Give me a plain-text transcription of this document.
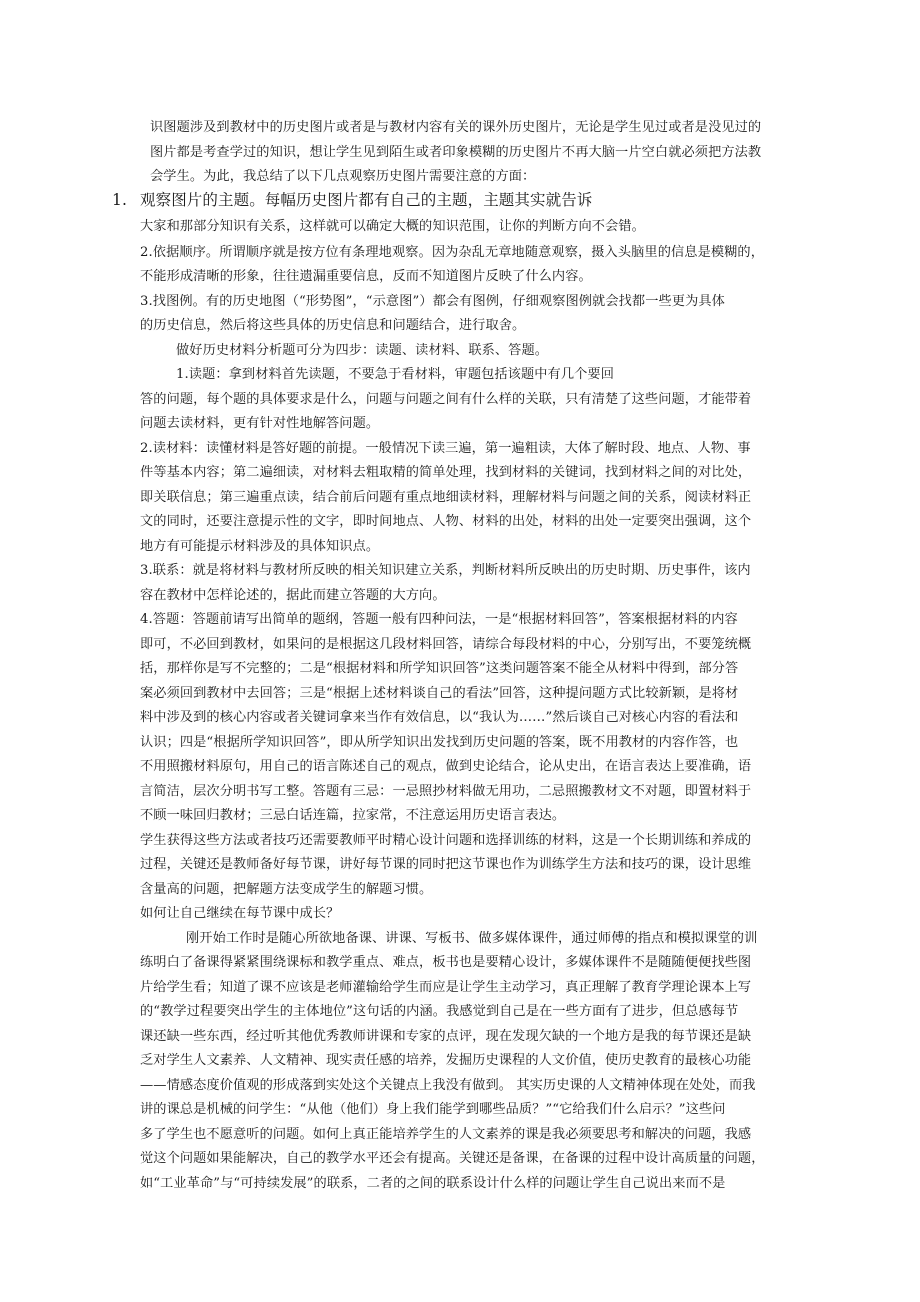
识图题涉及到教材中的历史图片或者是与教材内容有关的课外历史图片，无论是学生见过或者是没见过的
图片都是考查学过的知识，想让学生见到陌生或者印象模糊的历史图片不再大脑一片空白就必须把方法教
会学生。为此，我总结了以下几点观察历史图片需要注意的方面：
1. 观察图片的主题。每幅历史图片都有自己的主题，主题其实就告诉
大家和那部分知识有关系，这样就可以确定大概的知识范围，让你的判断方向不会错。
2.依据顺序。所谓顺序就是按方位有条理地观察。因为杂乱无章地随意观察，摄入头脑里的信息是模糊的，
不能形成清晰的形象，往往遗漏重要信息，反而不知道图片反映了什么内容。
3.找图例。有的历史地图（“形势图”，“示意图”）都会有图例，仔细观察图例就会找都一些更为具体
的历史信息，然后将这些具体的历史信息和问题结合，进行取舍。
做好历史材料分析题可分为四步：读题、读材料、联系、答题。
1.读题：拿到材料首先读题，不要急于看材料，审题包括该题中有几个要回
答的问题，每个题的具体要求是什么，问题与问题之间有什么样的关联，只有清楚了这些问题，才能带着
问题去读材料，更有针对性地解答问题。
2.读材料：读懂材料是答好题的前提。一般情况下读三遍，第一遍粗读，大体了解时段、地点、人物、事
件等基本内容；第二遍细读，对材料去粗取精的简单处理，找到材料的关键词，找到材料之间的对比处，
即关联信息；第三遍重点读，结合前后问题有重点地细读材料，理解材料与问题之间的关系，阅读材料正
文的同时，还要注意提示性的文字，即时间地点、人物、材料的出处，材料的出处一定要突出强调，这个
地方有可能提示材料涉及的具体知识点。
3.联系：就是将材料与教材所反映的相关知识建立关系，判断材料所反映出的历史时期、历史事件，该内
容在教材中怎样论述的，据此而建立答题的大方向。
4.答题：答题前请写出简单的题纲，答题一般有四种问法，一是“根据材料回答”，答案根据材料的内容
即可，不必回到教材，如果问的是根据这几段材料回答，请综合每段材料的中心，分别写出，不要笼统概
括，那样你是写不完整的；二是“根据材料和所学知识回答”这类问题答案不能全从材料中得到，部分答
案必须回到教材中去回答；三是“根据上述材料谈自己的看法”回答，这种提问题方式比较新颖，是将材
料中涉及到的核心内容或者关键词拿来当作有效信息，以“我认为……”然后谈自己对核心内容的看法和
认识；四是“根据所学知识回答”，即从所学知识出发找到历史问题的答案，既不用教材的内容作答，也
不用照搬材料原句，用自己的语言陈述自己的观点，做到史论结合，论从史出，在语言表达上要准确，语
言简洁，层次分明书写工整。答题有三忌：一忌照抄材料做无用功，二忌照搬教材文不对题，即置材料于
不顾一味回归教材；三忌白话连篇，拉家常，不注意运用历史语言表达。
学生获得这些方法或者技巧还需要教师平时精心设计问题和选择训练的材料，这是一个长期训练和养成的
过程，关键还是教师备好每节课，讲好每节课的同时把这节课也作为训练学生方法和技巧的课，设计思维
含量高的问题，把解题方法变成学生的解题习惯。
如何让自己继续在每节课中成长？
刚开始工作时是随心所欲地备课、讲课、写板书、做多媒体课件，通过师傅的指点和模拟课堂的训
练明白了备课得紧紧围绕课标和教学重点、难点，板书也是要精心设计，多媒体课件不是随随便便找些图
片给学生看；知道了课不应该是老师灌输给学生而应是让学生主动学习，真正理解了教育学理论课本上写
的“教学过程要突出学生的主体地位”这句话的内涵。我感觉到自己是在一些方面有了进步，但总感每节
课还缺一些东西，经过听其他优秀教师讲课和专家的点评，现在发现欠缺的一个地方是我的每节课还是缺
乏对学生人文素养、人文精神、现实责任感的培养，发掘历史课程的人文价值，使历史教育的最核心功能
——情感态度价值观的形成落到实处这个关键点上我没有做到。 其实历史课的人文精神体现在处处，而我
讲的课总是机械的问学生：“从他（他们）身上我们能学到哪些品质？”“它给我们什么启示？”这些问
多了学生也不愿意听的问题。如何上真正能培养学生的人文素养的课是我必须要思考和解决的问题，我感
觉这个问题如果能解决，自己的教学水平还会有提高。关键还是备课，在备课的过程中设计高质量的问题，
如“工业革命”与“可持续发展”的联系，二者的之间的联系设计什么样的问题让学生自己说出来而不是
